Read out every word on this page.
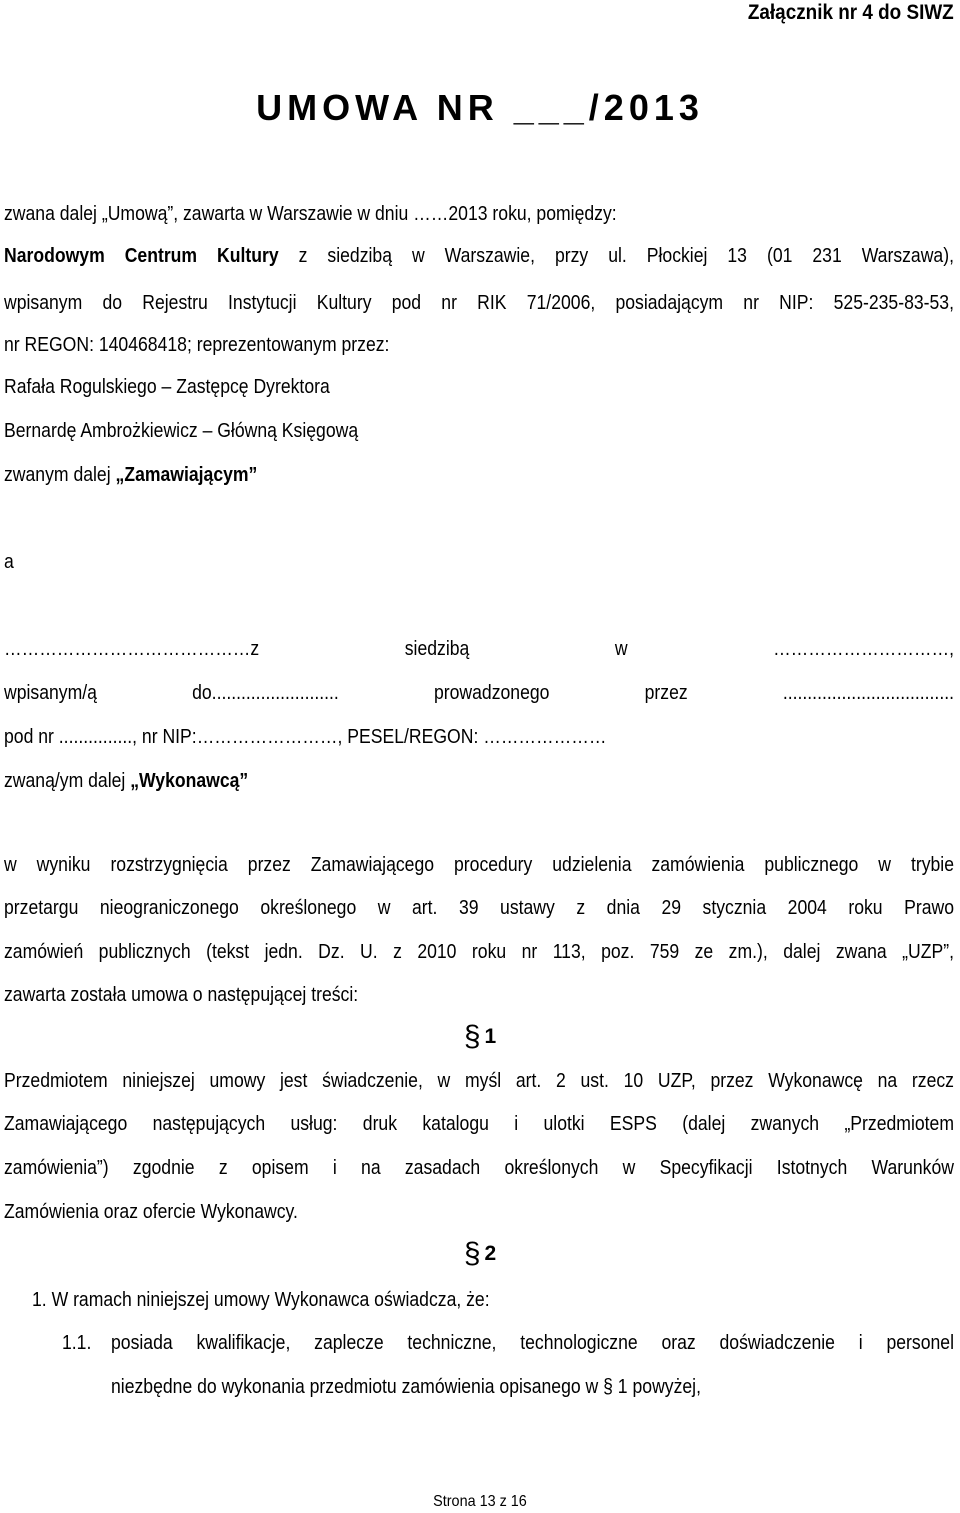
Załącznik nr 4 do SIWZ
UMOWA NR ___/2013
zwana dalej „Umową”, zawarta w Warszawie w dniu ……2013 roku, pomiędzy:
Narodowym Centrum Kultury z siedzibą w Warszawie, przy ul. Płockiej 13 (01 231 Warszawa),
wpisanym do Rejestru Instytucji Kultury pod nr RIK 71/2006, posiadającym nr NIP: 525-235-83-53,
nr REGON: 140468418; reprezentowanym przez:
Rafała Rogulskiego – Zastępcę Dyrektora
Bernardę Ambrożkiewicz – Główną Księgową
zwanym dalej „Zamawiającym”
a
……………………………………z siedzibą w …………………………,
wpisanym/ą do.......................... prowadzonego przez ...................................
pod nr ..............., nr NIP:……………………, PESEL/REGON: …………………
zwaną/ym dalej „Wykonawcą”
w wyniku rozstrzygnięcia przez Zamawiającego procedury udzielenia zamówienia publicznego w trybie
przetargu nieograniczonego określonego w art. 39 ustawy z dnia 29 stycznia 2004 roku Prawo
zamówień publicznych (tekst jedn. Dz. U. z 2010 roku nr 113, poz. 759 ze zm.), dalej zwana „UZP”,
zawarta została umowa o następującej treści:
§ 1
Przedmiotem niniejszej umowy jest świadczenie, w myśl art. 2 ust. 10 UZP, przez Wykonawcę na rzecz
Zamawiającego następujących usług: druk katalogu i ulotki ESPS (dalej zwanych „Przedmiotem
zamówienia”) zgodnie z opisem i na zasadach określonych w Specyfikacji Istotnych Warunków
Zamówienia oraz ofercie Wykonawcy.
§ 2
1. W ramach niniejszej umowy Wykonawca oświadcza, że:
1.1. posiada kwalifikacje, zaplecze techniczne, technologiczne oraz doświadczenie i personel
niezbędne do wykonania przedmiotu zamówienia opisanego w § 1 powyżej,
Strona 13 z 16
